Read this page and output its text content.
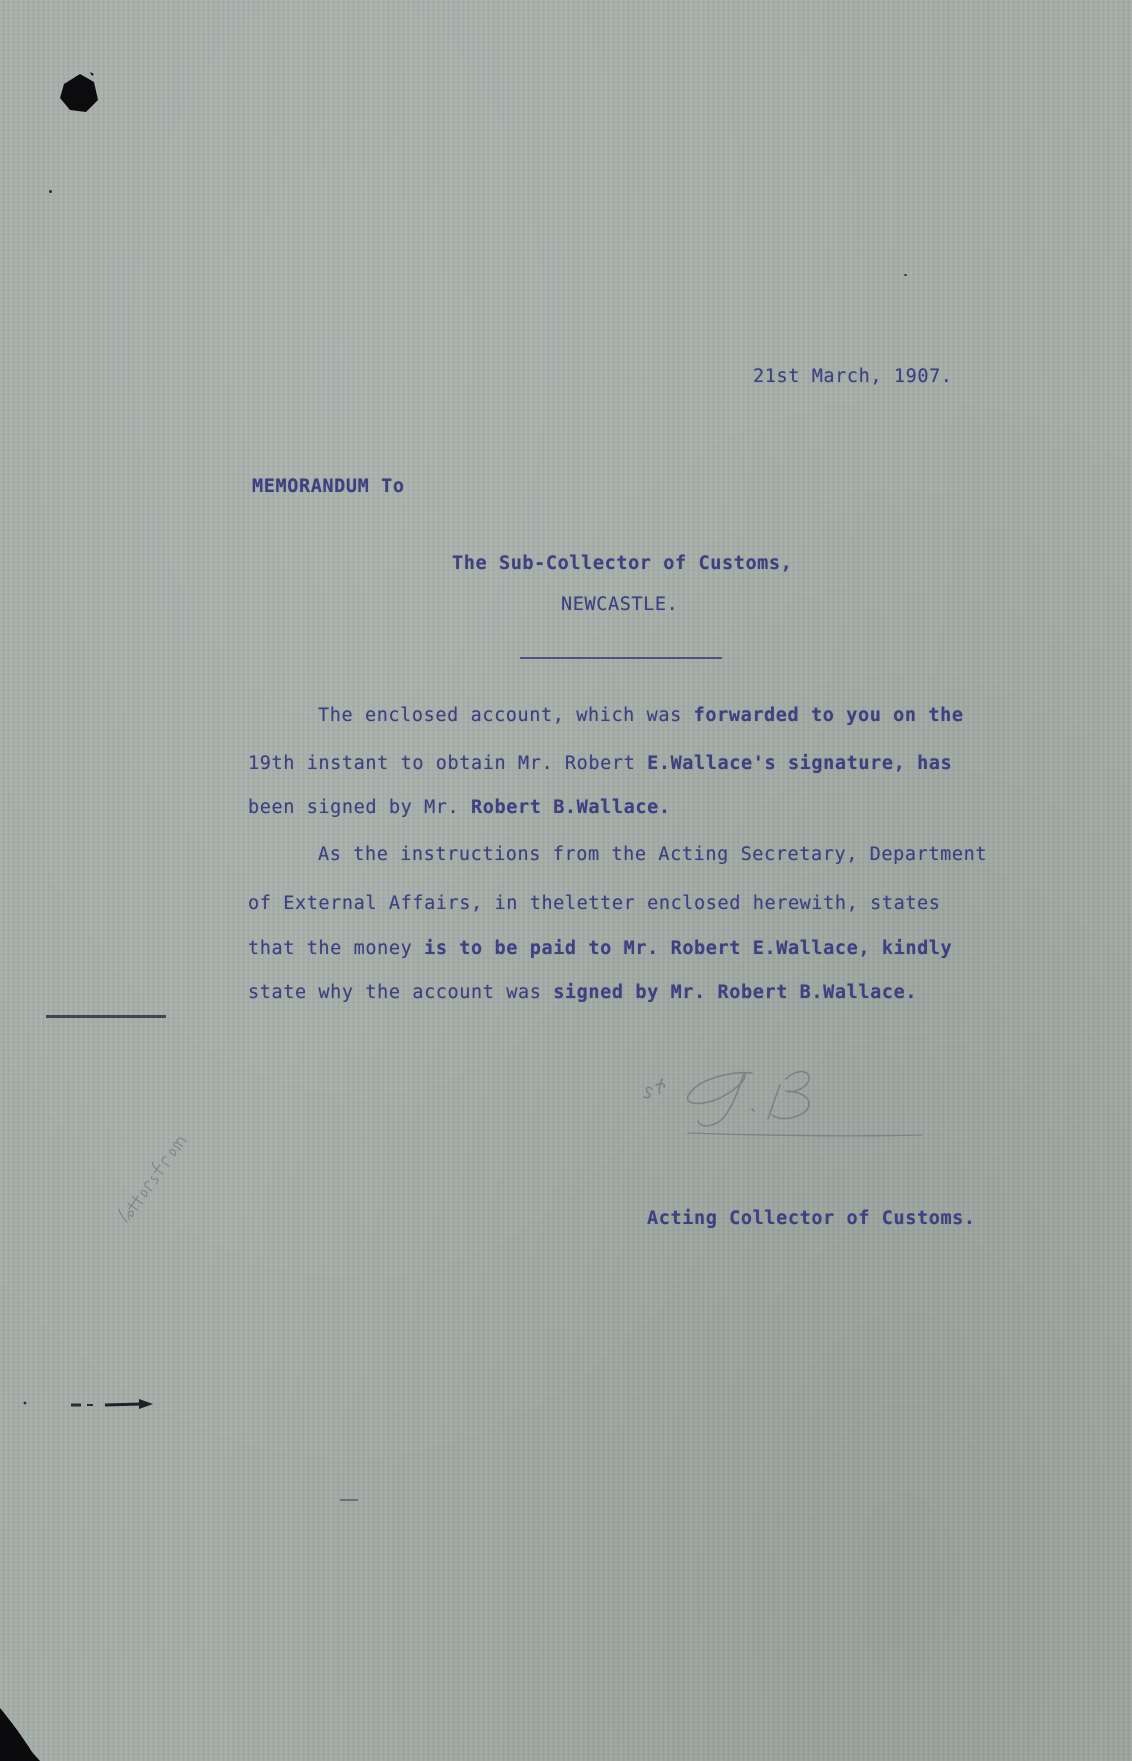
21st March, 1907.
MEMORANDUM To
The Sub-Collector of Customs,
NEWCASTLE.
The enclosed account, which was forwarded to you on the
19th instant to obtain Mr. Robert E.Wallace's signature, has
been signed by Mr. Robert B.Wallace.
As the instructions from the Acting Secretary, Department
of External Affairs, in theletter enclosed herewith, states
that the money is to be paid to Mr. Robert E.Wallace, kindly
state why the account was signed by Mr. Robert B.Wallace.
Acting Collector of Customs.
